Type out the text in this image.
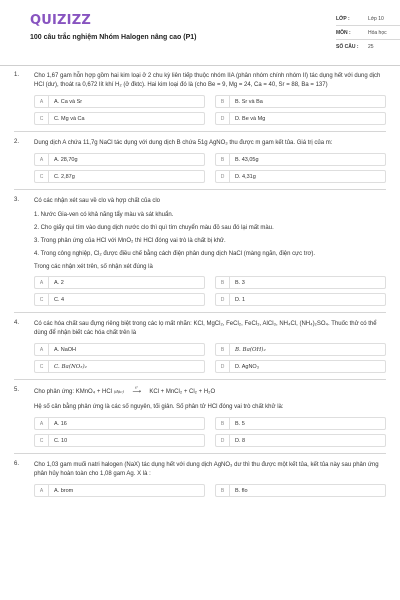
QUIZIZZ
100 câu trắc nghiệm Nhóm Halogen nâng cao (P1)
LỚP :	Lớp 10
MÔN :	Hóa học
SỐ CÂU :	25
1. Cho 1,67 gam hỗn hợp gồm hai kim loại ở 2 chu kỳ liên tiếp thuộc nhóm IIA (phân nhóm chính nhóm II) tác dụng hết với dung dịch HCl (dư), thoát ra 0,672 lít khí H₂ (ở đktc). Hai kim loại đó là (cho Be = 9, Mg = 24, Ca = 40, Sr = 88, Ba = 137)
A	A. Ca và Sr	B	B. Sr và Ba
C	C. Mg và Ca	D	D. Be và Mg
2. Dung dịch A chứa 11,7g NaCl tác dụng với dung dịch B chứa 51g AgNO₃ thu được m gam kết tủa. Giá trị của m:
A	A. 28,70g	B	B. 43,05g
C	C. 2,87g	D	D. 4,31g
3. Có các nhận xét sau về clo và hợp chất của clo
1. Nước Gia-ven có khả năng tẩy màu và sát khuẩn.
2. Cho giấy quì tím vào dung dịch nước clo thì quì tím chuyển màu đỏ sau đó lại mất màu.
3. Trong phản ứng của HCl với MnO₂ thì HCl đóng vai trò là chất bị khử.
4. Trong công nghiệp, Cl₂ được điều chế bằng cách điện phân dung dịch NaCl (màng ngăn, điện cực trơ).
Trong các nhận xét trên, số nhận xét đúng là
A	A. 2	B	B. 3
C	C. 4	D	D. 1
4. Có các hóa chất sau đựng riêng biệt trong các lọ mất nhãn: KCl, MgCl₂, FeCl₂, FeCl₃, AlCl₃, NH₄Cl, (NH₄)₂SO₄. Thuốc thử có thể dùng để nhận biết các hóa chất trên là
A	A. NaOH	B	B. Ba(OH)₂
C	C. Ba(NO₃)₂	D	D. AgNO₃
5. Cho phản ứng: KMnO₄ + HCl (đặc)
t°
⟶ KCl + MnCl₂ + Cl₂ + H₂O
Hệ số cân bằng phản ứng là các số nguyên, tối giản. Số phân tử HCl đóng vai trò chất khử là:
A	A. 16	B	B. 5
C	C. 10	D	D. 8
6. Cho 1,03 gam muối natri halogen (NaX) tác dụng hết với dung dịch AgNO₃ dư thì thu được một kết tủa, kết tủa này sau phản ứng phân hủy hoàn toàn cho 1,08 gam Ag. X là :
A	A. brom	B	B. flo
